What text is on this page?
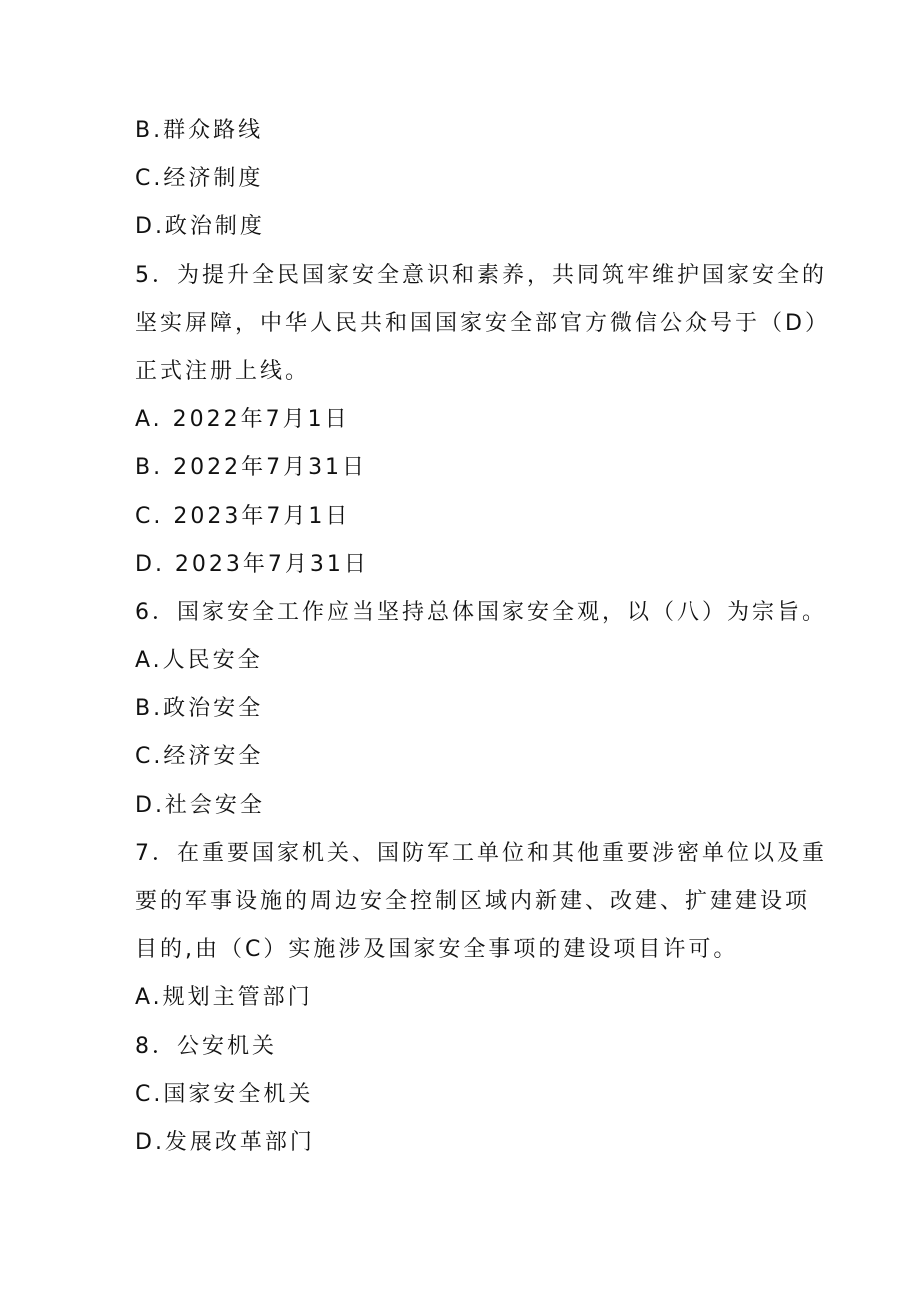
B.群众路线
C.经济制度
D.政治制度
5．为提升全民国家安全意识和素养，共同筑牢维护国家安全的
坚实屏障，中华人民共和国国家安全部官方微信公众号于（D）
正式注册上线。
A. 2022年7月1日
B. 2022年7月31日
C. 2023年7月1日
D. 2023年7月31日
6．国家安全工作应当坚持总体国家安全观，以（八）为宗旨。
A.人民安全
B.政治安全
C.经济安全
D.社会安全
7．在重要国家机关、国防军工单位和其他重要涉密单位以及重
要的军事设施的周边安全控制区域内新建、改建、扩建建设项
目的,由（C）实施涉及国家安全事项的建设项目许可。
A.规划主管部门
8．公安机关
C.国家安全机关
D.发展改革部门
